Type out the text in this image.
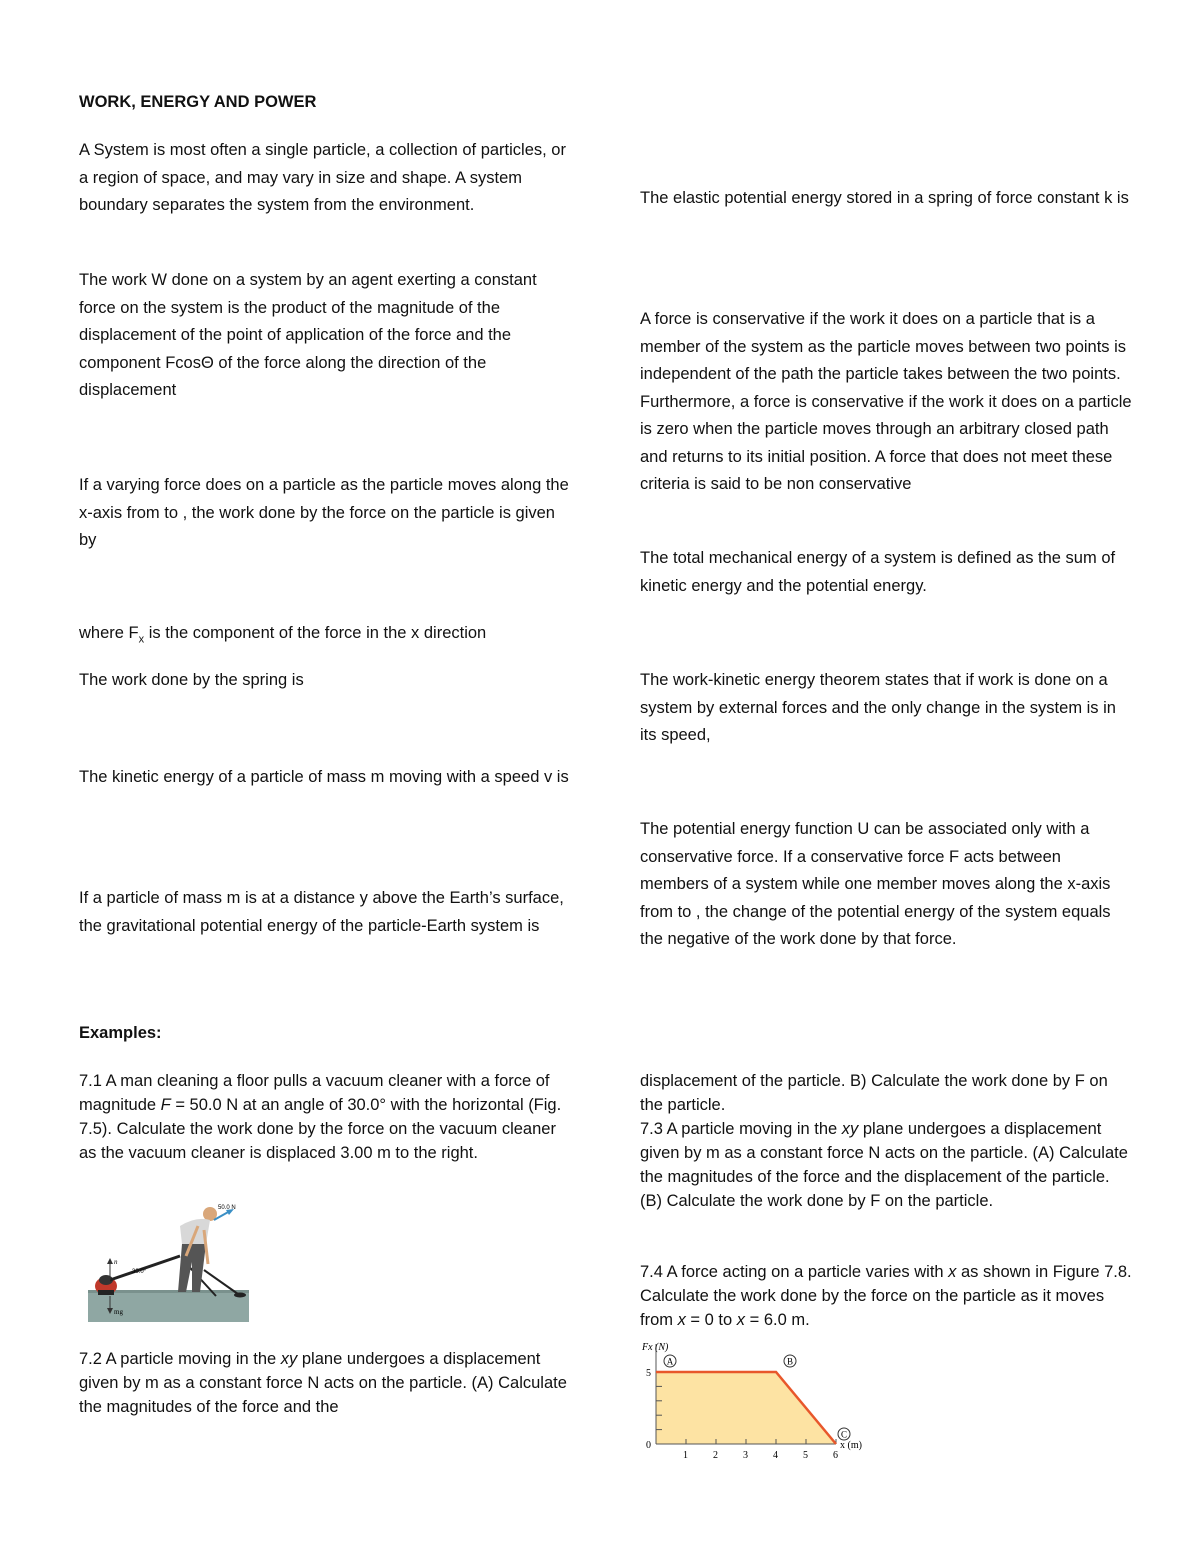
WORK, ENERGY AND POWER

A System is most often a single particle, a collection of particles, or a region of space, and may vary in size and shape. A system boundary separates the system from the environment.

The work W done on a system by an agent exerting a constant force on the system is the product of the magnitude of the displacement of the point of application of the force and the component FcosΘ of the force along the direction of the displacement

If a varying force does on a particle as the particle moves along the x-axis from to , the work done by the force on the particle is given by

where $F_x$ is the component of the force in the x direction

The work done by the spring is

The kinetic energy of a particle of mass m moving with a speed v is

If a particle of mass m is at a distance y above the Earth’s surface, the gravitational potential energy of the particle-Earth system is

Examples:

7.1 A man cleaning a floor pulls a vacuum cleaner with a force of magnitude F = 50.0 N at an angle of 30.0° with the horizontal (Fig. 7.5). Calculate the work done by the force on the vacuum cleaner as the vacuum cleaner is displaced 3.00 m to the right.

n
mg
50.0 N
30.0°

7.2 A particle moving in the xy plane undergoes a displacement given by m as a constant force N acts on the particle. (A) Calculate the magnitudes of the force and the

The elastic potential energy stored in a spring of force constant k is

A force is conservative if the work it does on a particle that is a member of the system as the particle moves between two points is independent of the path the particle takes between the two points. Furthermore, a force is conservative if the work it does on a particle is zero when the particle moves through an arbitrary closed path and returns to its initial position. A force that does not meet these criteria is said to be non conservative

The total mechanical energy of a system is defined as the sum of kinetic energy and the potential energy.

The work-kinetic energy theorem states that if work is done on a system by external forces and the only change in the system is in its speed,

The potential energy function U can be associated only with a conservative force. If a conservative force F acts between members of a system while one member moves along the x-axis from to , the change of the potential energy of the system equals the negative of the work done by that force.

displacement of the particle. B) Calculate the work done by F on the particle.

7.3 A particle moving in the xy plane undergoes a displacement given by m as a constant force N acts on the particle. (A) Calculate the magnitudes of the force and the displacement of the particle. (B) Calculate the work done by F on the particle.

7.4 A force acting on a particle varies with x as shown in Figure 7.8. Calculate the work done by the force on the particle as it moves from x = 0 to x = 6.0 m.

0
5
1	2	3	4	5	6
A	B
C
Fx (N)
x (m)
